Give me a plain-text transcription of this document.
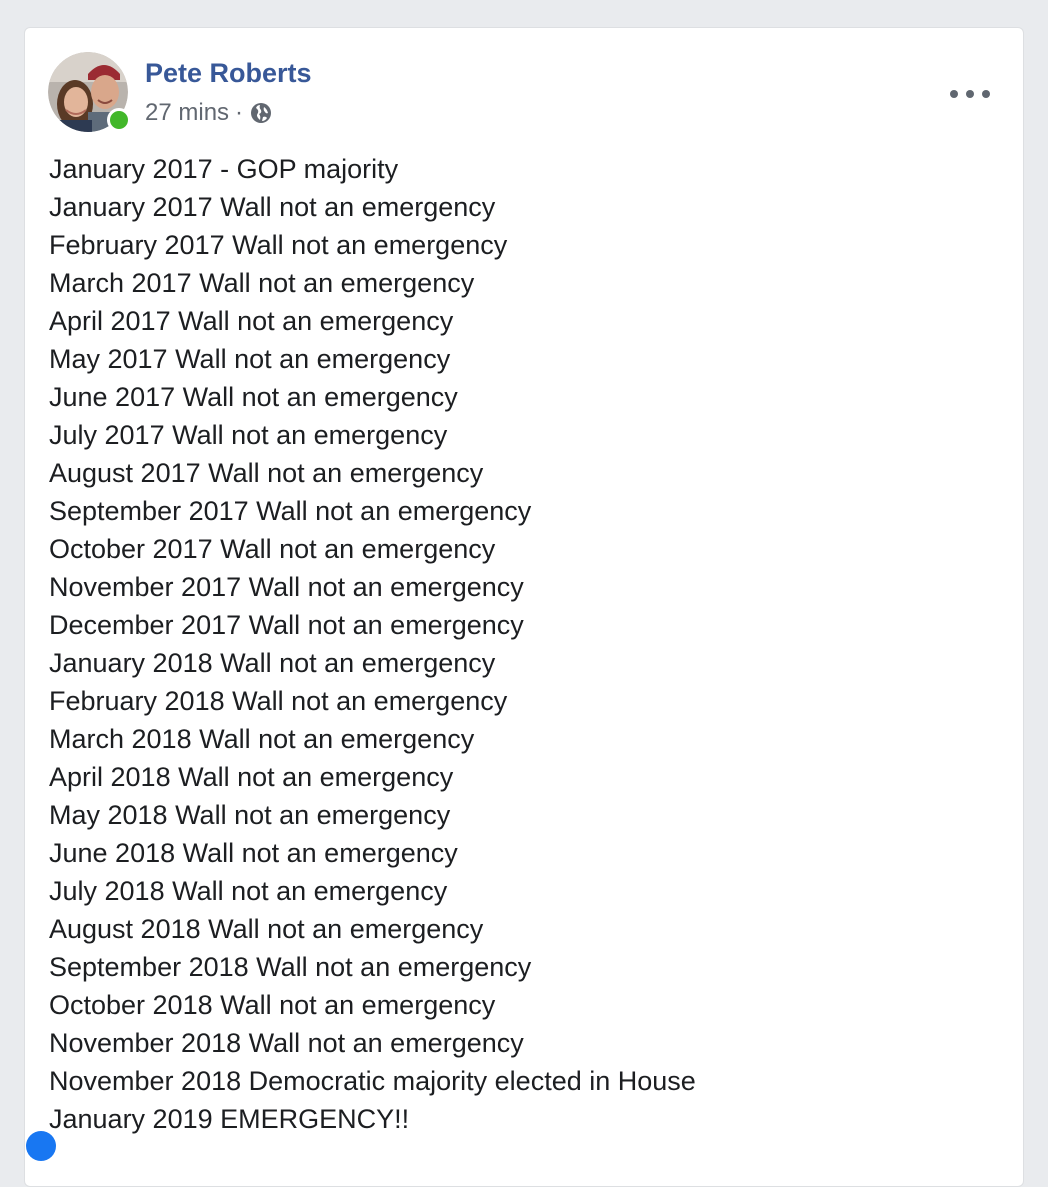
Pete Roberts
27 mins ·
January 2017 - GOP majority
January 2017 Wall not an emergency
February 2017 Wall not an emergency
March 2017 Wall not an emergency
April 2017 Wall not an emergency
May 2017 Wall not an emergency
June 2017 Wall not an emergency
July 2017 Wall not an emergency
August 2017 Wall not an emergency
September 2017 Wall not an emergency
October 2017 Wall not an emergency
November 2017 Wall not an emergency
December 2017 Wall not an emergency
January 2018 Wall not an emergency
February 2018 Wall not an emergency
March 2018 Wall not an emergency
April 2018 Wall not an emergency
May 2018 Wall not an emergency
June 2018 Wall not an emergency
July 2018 Wall not an emergency
August 2018 Wall not an emergency
September 2018 Wall not an emergency
October 2018 Wall not an emergency
November 2018 Wall not an emergency
November 2018 Democratic majority elected in House
January 2019 EMERGENCY!!
